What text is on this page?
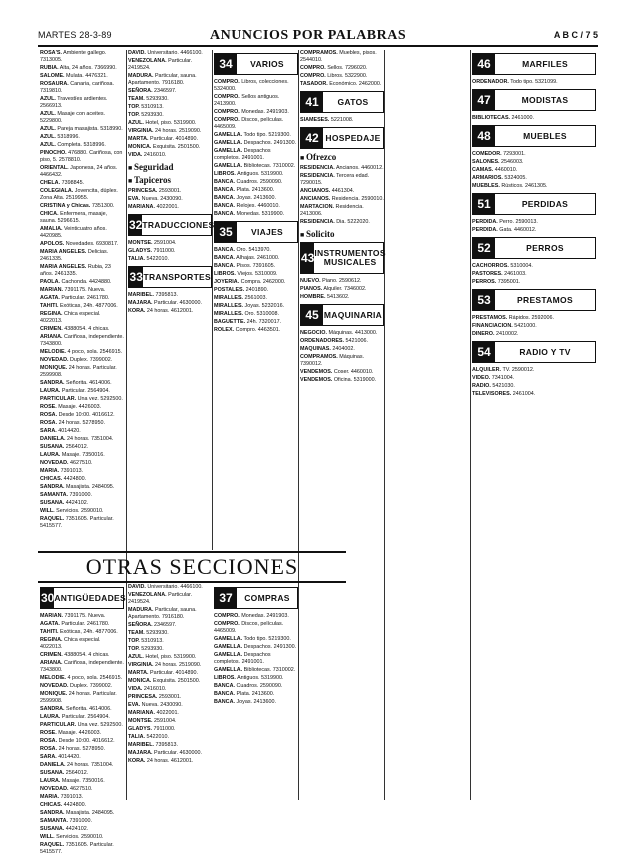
MARTES 28-3-89	ANUNCIOS POR PALABRAS	A B C / 7 5
ROSA'S. Ambiente gallego. 7313005.
RUBIA. Alta, 24 años. 7366990.
SALOME. Mulata. 4476321.
ROSAURA. Canaria, cariñosa. 7319810.
AZUL. Travestíes ardientes. 2566913.
AZUL. Masaje con aceites. 5229800.
AZUL. Pareja masajista. 5318990.
AZUL. 5318996.
AZUL. Completa. 5318996.
PINOCHO. 476880. Cariñosa, con piso, 5. 2578810.
ORIENTAL. Japonesa, 24 años. 4466432.
CHELA. 7398845.
COLEGIALA. Jovencita, dúplex. Zona Alta. 2519955.
CRISTINA y Chicas. 7351300.
CHICA. Enfermera, masaje, sauna. 5296615.
AMALIA. Veinticuatro años. 4420985.
APOLOS. Novedades. 6930817.
MARIA ANGELES. Delicias. 2461335.
MARIA ANGELES. Rubia, 23 años. 2461335.
PAOLA. Cachonda. 4424880.
MARIAN. 7391175. Nueva.
AGATA. Particular. 2461780.
TAHITI. Exóticas, 24h. 4877006.
REGINA. Chica especial. 4022013.
CRIMEN. 4388054. 4 chicas.
ARIANA. Cariñosa, independiente. 7343800.
MELODIE. 4 poco, sola. 2546915.
NOVEDAD. Duplex. 7399002.
MONIQUE. 24 horas. Particular. 2599908.
SANDRA. Señorita. 4614006.
LAURA. Particular. 2564904.
PARTICULAR. Una vez. 5292500.
ROSE. Masaje. 4426003.
ROSA. Desde 10:00. 4016612.
ROSA. 24 horas. 5278950.
SARA. 4014420.
DANIELA. 24 horas. 7351004.
SUSANA. 2564012.
LAURA. Masaje. 7350016.
NOVEDAD. 4627510.
MARIA. 7391013.
CHICAS. 4424800.
SANDRA. Masajista. 2484095.
SAMANTA. 7391000.
SUSANA. 4424102.
WILL. Servicios. 2590010.
RAQUEL. 7351605. Particular. 5415577.
DAVID. Universitario. 4466100.
VENEZOLANA. Particular. 2419524.
MADURA. Particular, sauna. Apartamento. 7916180.
SEÑORA. 2346597.
TEAM. 5293930.
TOP. 5310913.
TOP. 5293930.
AZUL. Hotel, piso. 5319900.
VIRGINIA. 24 horas. 2519090.
MARTA. Particular. 4014890.
MONICA. Exquisita. 2501500.
VIDA. 2416010.
■ Seguridad
■ Tapiceros
PRINCESA. 2593001.
EVA. Nueva. 2430090.
MARIANA. 4022001.
32 TRADUCCIONES
MONTSE. 2591004.
GLADYS. 7911000.
TALIA. 5422010.
33 TRANSPORTES
MARIBEL. 7395813.
MAJARA. Particular. 4630000.
KORA. 24 horas. 4612001.
34	VARIOS
COMPRO. Libros, colecciones. 5324000.
COMPRO. Sellos antiguos. 2413900.
COMPRO. Monedas. 2491903.
COMPRO. Discos, películas. 4465009.
GAMELLA. Todo tipo. 5219300.
GAMELLA. Despachos. 2491300.
GAMELLA. Despachos completos. 2491001.
GAMELLA. Bibliotecas. 7310002.
LIBROS. Antiguos. 5319900.
BANCA. Cuadros. 2590090.
BANCA. Plata. 2413600.
BANCA. Joyas. 2413600.
BANCA. Relojes. 4460010.
BANCA. Monedas. 5319900.
35	VIAJES
BANCA. Oro. 5413970.
BANCA. Alhajas. 2461000.
BANCA. Pisos. 7391605.
LIBROS. Viejos. 5310009.
JOYERIA. Compra. 2462000.
POSTALES. 2401890.
MIRALLES. 2561003.
MIRALLES. Joyas. 5232016.
MIRALLES. Oro. 5310008.
BAGUETTE. 24h. 7320017.
ROLEX. Compro. 4463501.
COMPRAMOS. Muebles, pisos. 2544010.
COMPRO. Sellos. 7296020.
COMPRO. Libros. 5322900.
TASADOR. Económico. 2462000.
41	GATOS
SIAMESES. 5221008.
42 HOSPEDAJE
■ Ofrezco
RESIDENCIA. Ancianos. 4460012.
RESIDENCIA. Tercera edad. 7290015.
ANCIANOS. 4461304.
ANCIANOS. Residencia. 2590010.
MARTACION. Residencia. 2413006.
RESIDENCIA. Dia. 5222020.
■ Solicito
43 INSTRUMENTOS MUSICALES
NUEVO. Piano. 2590612.
PIANOS. Alquiler. 7346002.
HOMBRE. 5413602.
45 MAQUINARIA
NEGOCIO. Máquinas. 4413000.
ORDENADORES. 5421006.
MAQUINAS. 2404002.
COMPRAMOS. Máquinas. 7390012.
VENDEMOS. Coser. 4460010.
VENDEMOS. Oficina. 5319000.
46	MARFILES
ORDENADOR. Todo tipo. 5321099.
47	MODISTAS
BIBLIOTECAS. 2461000.
48	MUEBLES
COMEDOR. 7293001.
SALONES. 2546003.
CAMAS. 4460010.
ARMARIOS. 5324005.
MUEBLES. Rústicos. 2461305.
51	PERDIDAS
PERDIDA. Perro. 2590013.
PERDIDA. Gata. 4460012.
52	PERROS
CACHORROS. 5310004.
PASTORES. 2461003.
PERROS. 7395001.
53	PRESTAMOS
PRESTAMOS. Rápidos. 2592006.
FINANCIACION. 5421000.
DINERO. 2410002.
54	RADIO Y TV
ALQUILER. TV. 2590012.
VIDEO. 7341004.
RADIO. 5421030.
TELEVISORES. 2461004.
OTRAS SECCIONES
30 ANTIGÜEDADES
MARIAN. 7391175. Nueva.
AGATA. Particular. 2461780.
TAHITI. Exóticas, 24h. 4877006.
REGINA. Chica especial. 4022013.
CRIMEN. 4388054. 4 chicas.
ARIANA. Cariñosa, independiente. 7343800.
MELODIE. 4 poco, sola. 2546915.
NOVEDAD. Duplex. 7399002.
MONIQUE. 24 horas. Particular. 2599908.
SANDRA. Señorita. 4614006.
LAURA. Particular. 2564904.
PARTICULAR. Una vez. 5292500.
ROSE. Masaje. 4426003.
ROSA. Desde 10:00. 4016612.
ROSA. 24 horas. 5278950.
SARA. 4014420.
DANIELA. 24 horas. 7351004.
SUSANA. 2564012.
LAURA. Masaje. 7350016.
NOVEDAD. 4627510.
MARIA. 7391013.
CHICAS. 4424800.
SANDRA. Masajista. 2484095.
SAMANTA. 7391000.
SUSANA. 4424102.
WILL. Servicios. 2590010.
RAQUEL. 7351605. Particular. 5415577.
DAVID. Universitario. 4466100.
VENEZOLANA. Particular. 2419524.
MADURA. Particular, sauna. Apartamento. 7916180.
SEÑORA. 2346597.
TEAM. 5293930.
TOP. 5310913.
TOP. 5293930.
AZUL. Hotel, piso. 5319900.
VIRGINIA. 24 horas. 2519090.
MARTA. Particular. 4014890.
MONICA. Exquisita. 2501500.
VIDA. 2416010.
PRINCESA. 2593001.
EVA. Nueva. 2430090.
MARIANA. 4022001.
MONTSE. 2591004.
GLADYS. 7911000.
TALIA. 5422010.
MARIBEL. 7395813.
MAJARA. Particular. 4630000.
KORA. 24 horas. 4612001.
37	COMPRAS
COMPRO. Monedas. 2491903.
COMPRO. Discos, películas. 4465009.
GAMELLA. Todo tipo. 5219300.
GAMELLA. Despachos. 2491300.
GAMELLA. Despachos completos. 2491001.
GAMELLA. Bibliotecas. 7310002.
LIBROS. Antiguos. 5319900.
BANCA. Cuadros. 2590090.
BANCA. Plata. 2413600.
BANCA. Joyas. 2413600.
